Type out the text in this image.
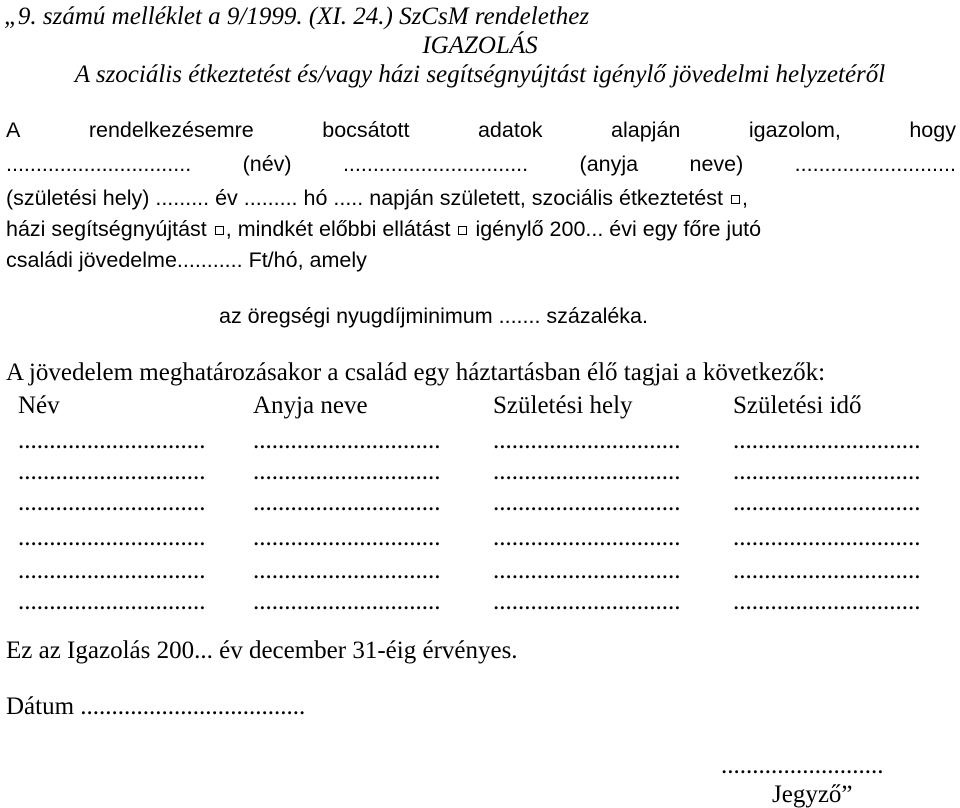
„9. számú melléklet a 9/1999. (XI. 24.) SzCsM rendelethez
IGAZOLÁS
A szociális étkeztetést és/vagy házi segítségnyújtást igénylő jövedelmi helyzetéről
A	rendelkezésemre	bocsátott	adatok	alapján	igazolom,	hogy
............................... (név) ............................... (anyja neve) ...........................
(születési hely) ......... év ......... hó ..... napján született, szociális étkeztetést ,
házi segítségnyújtást , mindkét előbbi ellátást igénylő 200... évi egy főre jutó
családi jövedelme........... Ft/hó, amely
az öregségi nyugdíjminimum ....... százaléka.
A jövedelem meghatározásakor a család egy háztartásban élő tagjai a következők:
Név	Anyja neve	Születési hely	Születési idő
.............................. .............................. .............................. ..............................
.............................. .............................. .............................. ..............................
.............................. .............................. .............................. ..............................
.............................. .............................. .............................. ..............................
.............................. .............................. .............................. ..............................
.............................. .............................. .............................. ..............................
Ez az Igazolás 200... év december 31-éig érvényes.
Dátum ....................................
..........................
Jegyző”
